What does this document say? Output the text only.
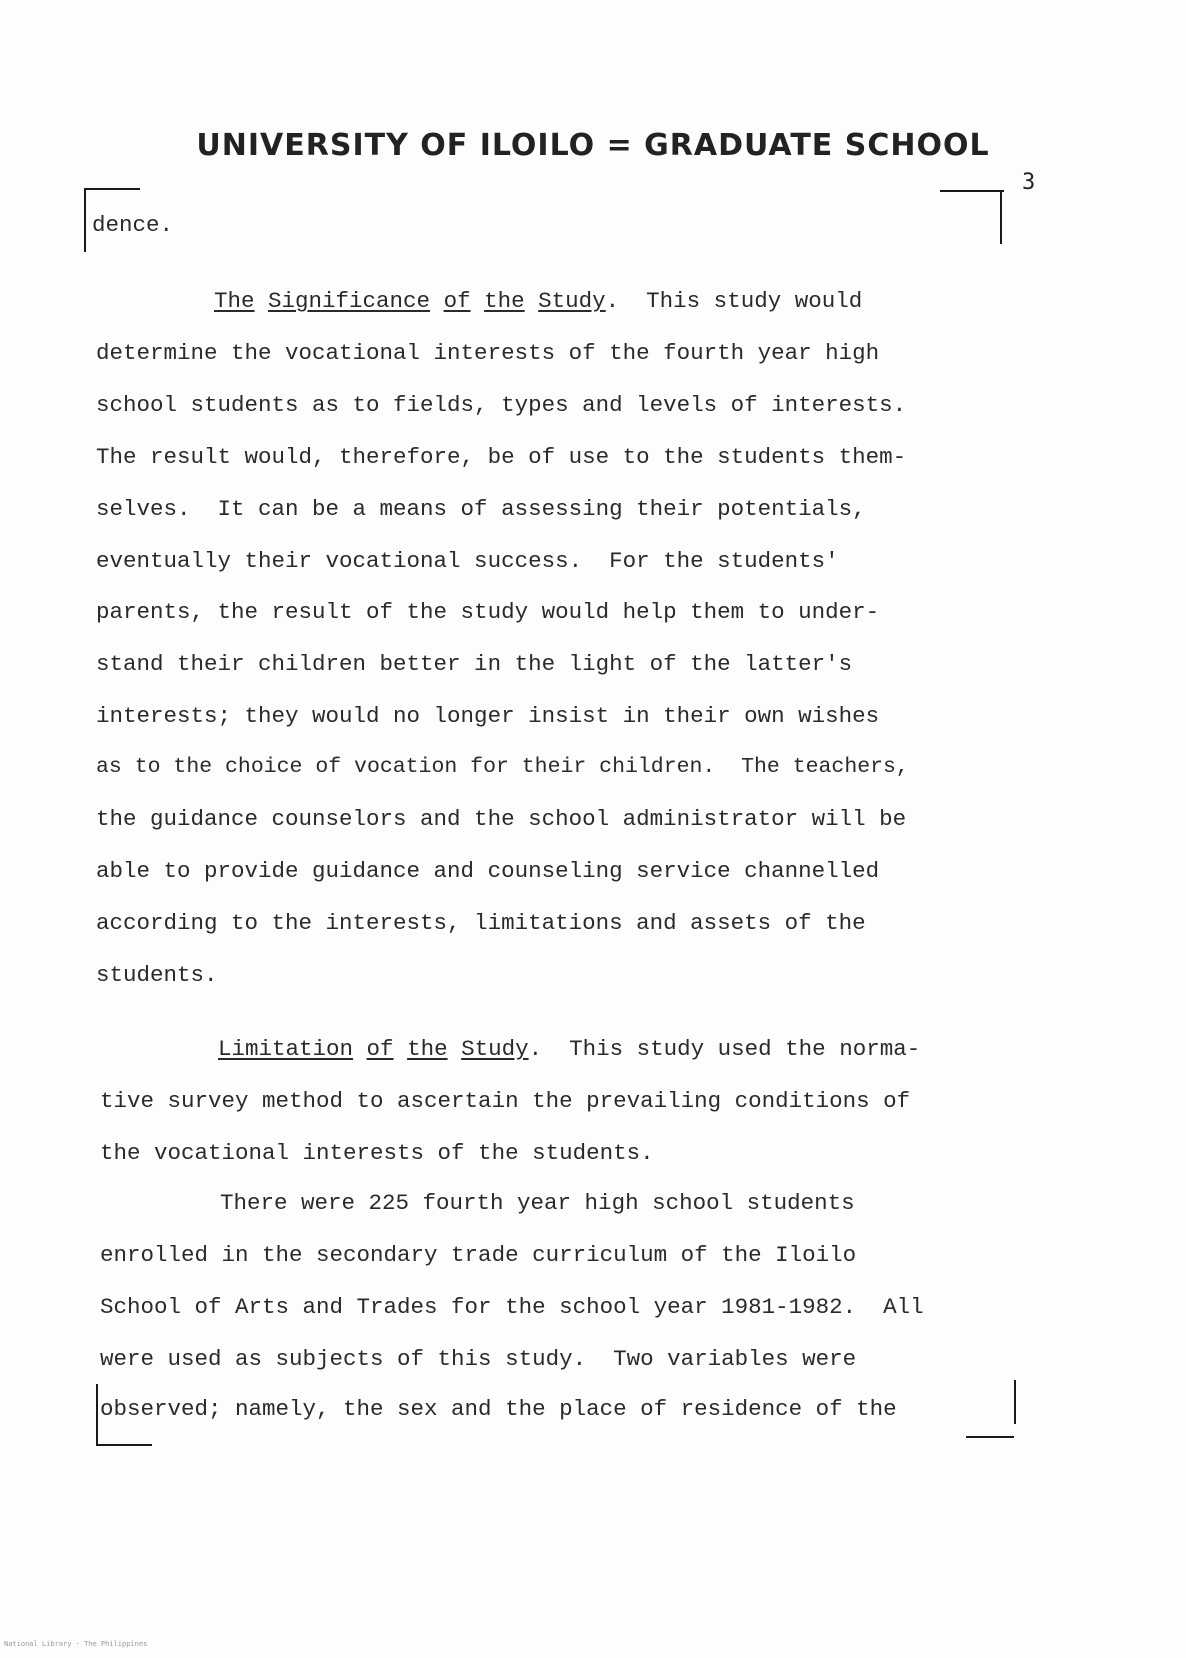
UNIVERSITY OF ILOILO = GRADUATE SCHOOL
3
dence.
The Significance of the Study.  This study would
determine the vocational interests of the fourth year high
school students as to fields, types and levels of interests.
The result would, therefore, be of use to the students them-
selves.  It can be a means of assessing their potentials,
eventually their vocational success.  For the students'
parents, the result of the study would help them to under-
stand their children better in the light of the latter's
interests; they would no longer insist in their own wishes
as to the choice of vocation for their children.  The teachers,
the guidance counselors and the school administrator will be
able to provide guidance and counseling service channelled
according to the interests, limitations and assets of the
students.
Limitation of the Study.  This study used the norma-
tive survey method to ascertain the prevailing conditions of
the vocational interests of the students.
There were 225 fourth year high school students
enrolled in the secondary trade curriculum of the Iloilo
School of Arts and Trades for the school year 1981-1982.  All
were used as subjects of this study.  Two variables were
observed; namely, the sex and the place of residence of the
National Library · The Philippines
